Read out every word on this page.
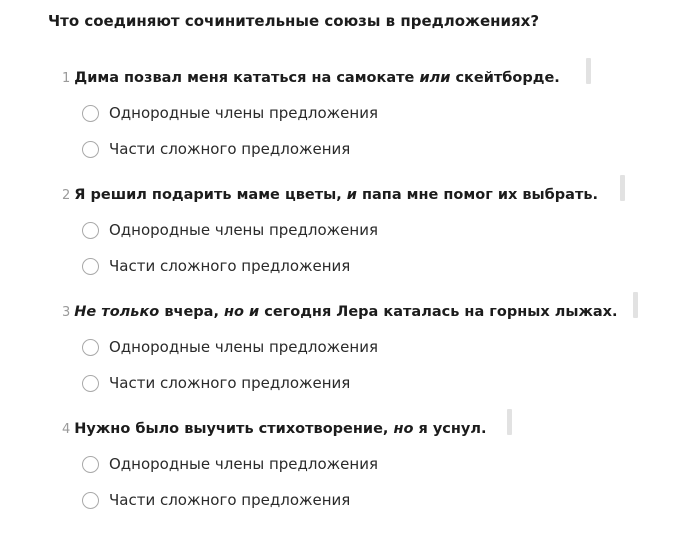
Что соединяют сочинительные союзы в предложениях?
1 Дима позвал меня кататься на самокате или скейтборде.
Однородные члены предложения
Части сложного предложения
2 Я решил подарить маме цветы, и папа мне помог их выбрать.
Однородные члены предложения
Части сложного предложения
3 Не только вчера, но и сегодня Лера каталась на горных лыжах.
Однородные члены предложения
Части сложного предложения
4 Нужно было выучить стихотворение, но я уснул.
Однородные члены предложения
Части сложного предложения
